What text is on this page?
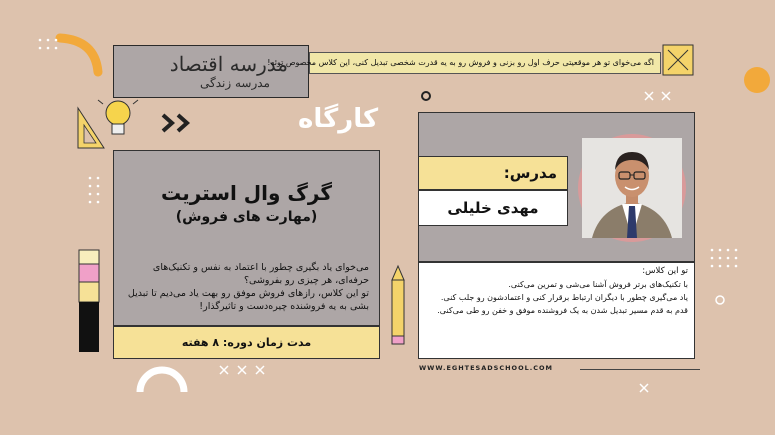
مدرسه اقتصاد
مدرسه زندگی
اگه می‌خوای تو هر موقعیتی حرف اول رو بزنی و فروش رو به یه قدرت شخصی تبدیل کنی، این کلاس مخصوص توئه!
کارگاه
گرگ وال استریت
(مهارت های فروش)
می‌خوای یاد بگیری چطور با اعتماد به نفس و تکنیک‌های حرفه‌ای، هر چیزی رو بفروشی؟
تو این کلاس، رازهای فروش موفق رو بهت یاد می‌دیم تا تبدیل بشی به یه فروشنده چیره‌دست و تاثیرگذار!
مدت زمان دوره: ۸ هفته
مدرس:
مهدی خلیلی
تو این کلاس:
با تکنیک‌های برتر فروش آشنا می‌شی و تمرین می‌کنی.
یاد می‌گیری چطور با دیگران ارتباط برقرار کنی و اعتمادشون رو جلب کنی.
قدم به قدم مسیر تبدیل شدن به یک فروشنده موفق و خفن رو طی می‌کنی.
WWW.EGHTESADSCHOOL.COM
